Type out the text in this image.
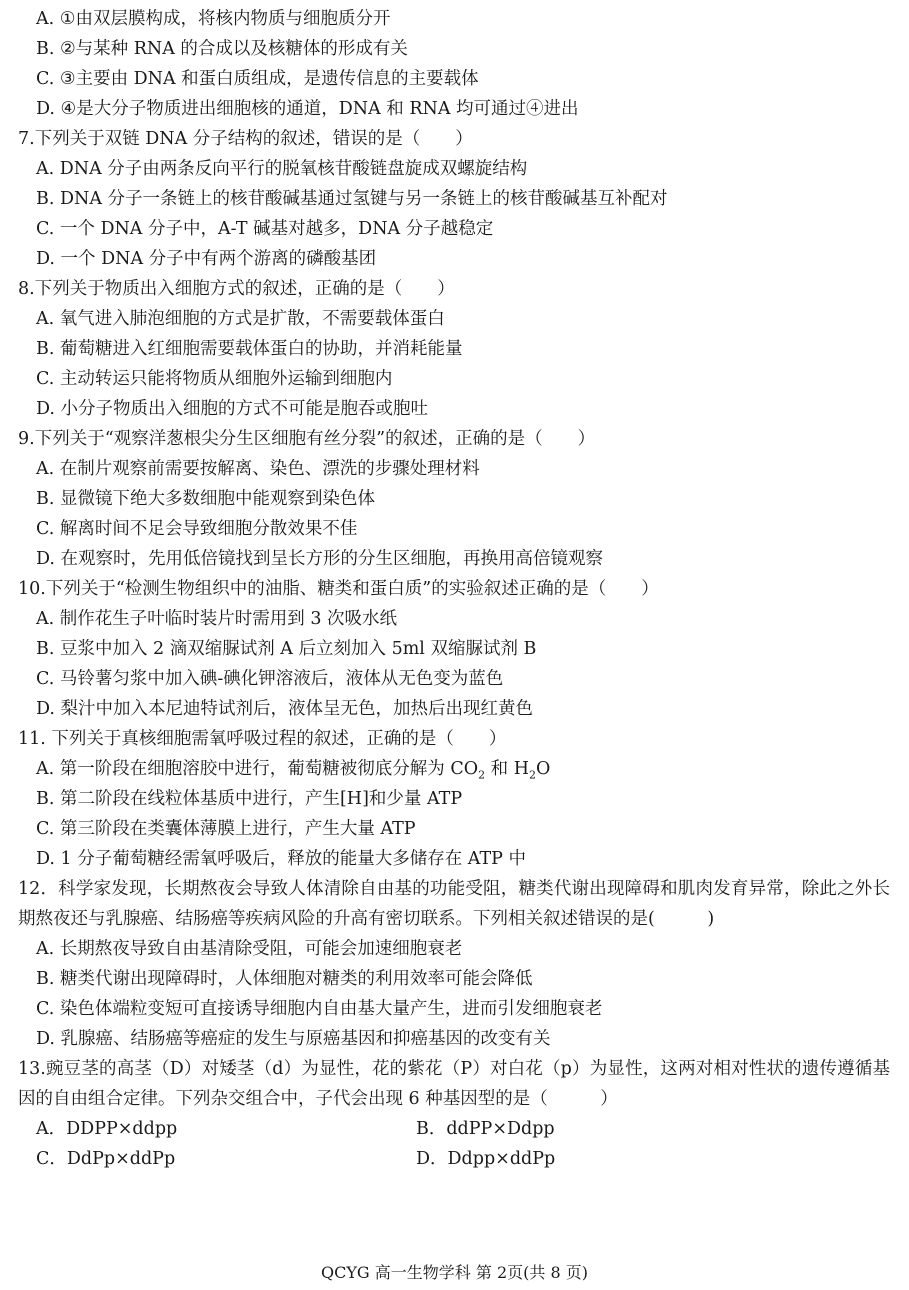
A. ①由双层膜构成，将核内物质与细胞质分开
B. ②与某种 RNA 的合成以及核糖体的形成有关
C. ③主要由 DNA 和蛋白质组成，是遗传信息的主要载体
D. ④是大分子物质进出细胞核的通道，DNA 和 RNA 均可通过④进出
7.下列关于双链 DNA 分子结构的叙述，错误的是（　　）
A. DNA 分子由两条反向平行的脱氧核苷酸链盘旋成双螺旋结构
B. DNA 分子一条链上的核苷酸碱基通过氢键与另一条链上的核苷酸碱基互补配对
C. 一个 DNA 分子中，A-T 碱基对越多，DNA 分子越稳定
D. 一个 DNA 分子中有两个游离的磷酸基团
8.下列关于物质出入细胞方式的叙述，正确的是（　　）
A. 氧气进入肺泡细胞的方式是扩散，不需要载体蛋白
B. 葡萄糖进入红细胞需要载体蛋白的协助，并消耗能量
C. 主动转运只能将物质从细胞外运输到细胞内
D. 小分子物质出入细胞的方式不可能是胞吞或胞吐
9.下列关于“观察洋葱根尖分生区细胞有丝分裂”的叙述，正确的是（　　）
A. 在制片观察前需要按解离、染色、漂洗的步骤处理材料
B. 显微镜下绝大多数细胞中能观察到染色体
C. 解离时间不足会导致细胞分散效果不佳
D. 在观察时，先用低倍镜找到呈长方形的分生区细胞，再换用高倍镜观察
10.下列关于“检测生物组织中的油脂、糖类和蛋白质”的实验叙述正确的是（　　）
A. 制作花生子叶临时装片时需用到 3 次吸水纸
B. 豆浆中加入 2 滴双缩脲试剂 A 后立刻加入 5ml 双缩脲试剂 B
C. 马铃薯匀浆中加入碘-碘化钾溶液后，液体从无色变为蓝色
D. 梨汁中加入本尼迪特试剂后，液体呈无色，加热后出现红黄色
11. 下列关于真核细胞需氧呼吸过程的叙述，正确的是（　　）
A. 第一阶段在细胞溶胶中进行，葡萄糖被彻底分解为 $CO_2$ 和 $H_2O$
B. 第二阶段在线粒体基质中进行，产生[H]和少量 ATP
C. 第三阶段在类囊体薄膜上进行，产生大量 ATP
D. 1 分子葡萄糖经需氧呼吸后，释放的能量大多储存在 ATP 中
12．科学家发现，长期熬夜会导致人体清除自由基的功能受阻，糖类代谢出现障碍和肌肉发育异常，除此之外长期熬夜还与乳腺癌、结肠癌等疾病风险的升高有密切联系。下列相关叙述错误的是(　　　)
A. 长期熬夜导致自由基清除受阻，可能会加速细胞衰老
B. 糖类代谢出现障碍时，人体细胞对糖类的利用效率可能会降低
C. 染色体端粒变短可直接诱导细胞内自由基大量产生，进而引发细胞衰老
D. 乳腺癌、结肠癌等癌症的发生与原癌基因和抑癌基因的改变有关
13.豌豆茎的高茎（D）对矮茎（d）为显性，花的紫花（P）对白花（p）为显性，这两对相对性状的遗传遵循基因的自由组合定律。下列杂交组合中，子代会出现 6 种基因型的是（　　　）
A．DDPP×ddpp	B．ddPP×Ddpp
C．DdPp×ddPp	D．Ddpp×ddPp
QCYG 高一生物学科 第 2页(共 8 页)
